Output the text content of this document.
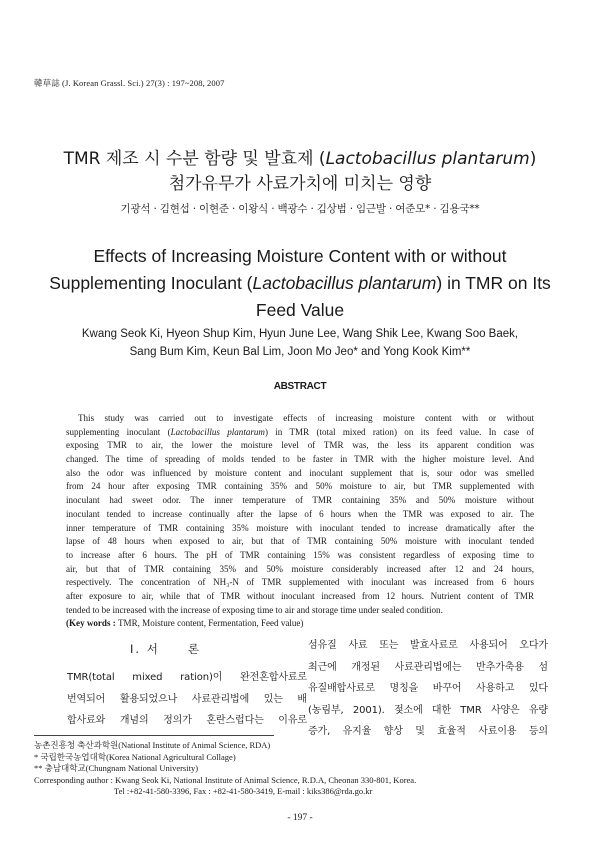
韓草誌 (J. Korean Grassl. Sci.) 27(3) : 197~208, 2007
TMR 제조 시 수분 함량 및 발효제 (Lactobacillus plantarum)
첨가유무가 사료가치에 미치는 영향
기광석 · 김현섭 · 이현준 · 이왕식 · 백광수 · 김상범 · 임근발 · 여준모* · 김용국**
Effects of Increasing Moisture Content with or without
Supplementing Inoculant (Lactobacillus plantarum) in TMR on Its
Feed Value
Kwang Seok Ki, Hyeon Shup Kim, Hyun June Lee, Wang Shik Lee, Kwang Soo Baek,
Sang Bum Kim, Keun Bal Lim, Joon Mo Jeo* and Yong Kook Kim**
ABSTRACT
This study was carried out to investigate effects of increasing moisture content with or without
supplementing inoculant (Lactobacillus plantarum) in TMR (total mixed ration) on its feed value. In case of
exposing TMR to air, the lower the moisture level of TMR was, the less its apparent condition was
changed. The time of spreading of molds tended to be faster in TMR with the higher moisture level. And
also the odor was influenced by moisture content and inoculant supplement that is, sour odor was smelled
from 24 hour after exposing TMR containing 35% and 50% moisture to air, but TMR supplemented with
inoculant had sweet odor. The inner temperature of TMR containing 35% and 50% moisture without
inoculant tended to increase continually after the lapse of 6 hours when the TMR was exposed to air. The
inner temperature of TMR containing 35% moisture with inoculant tended to increase dramatically after the
lapse of 48 hours when exposed to air, but that of TMR containing 50% moisture with inoculant tended
to increase after 6 hours. The pH of TMR containing 15% was consistent regardless of exposing time to
air, but that of TMR containing 35% and 50% moisture considerably increased after 12 and 24 hours,
respectively. The concentration of NH₃-N of TMR supplemented with inoculant was increased from 6 hours
after exposure to air, while that of TMR without inoculant increased from 12 hours. Nutrient content of TMR
tended to be increased with the increase of exposing time to air and storage time under sealed condition.
(Key words : TMR, Moisture content, Fermentation, Feed value)
Ⅰ. 서 론
TMR(total mixed ration)이 완전혼합사료로
번역되어 활용되었으나 사료관리법에 있는 배
합사료와 개념의 정의가 혼란스럽다는 이유로
섬유질 사료 또는 발효사료로 사용되어 오다가
최근에 개정된 사료관리법에는 반추가축용 섬
유질배합사료로 명칭을 바꾸어 사용하고 있다
(농림부, 2001). 젖소에 대한 TMR 사양은 유량
증가, 유지율 향상 및 효율적 사료이용 등의
농촌진흥청 축산과학원(National Institute of Animal Science, RDA)
* 국립한국농업대학(Korea National Agricultural Collage)
** 충남대학교(Chungnam National University)
Corresponding author : Kwang Seok Ki, National Institute of Animal Science, R.D.A, Cheonan 330-801, Korea.
Tel :+82-41-580-3396, Fax : +82-41-580-3419, E-mail : kiks386@rda.go.kr
- 197 -
